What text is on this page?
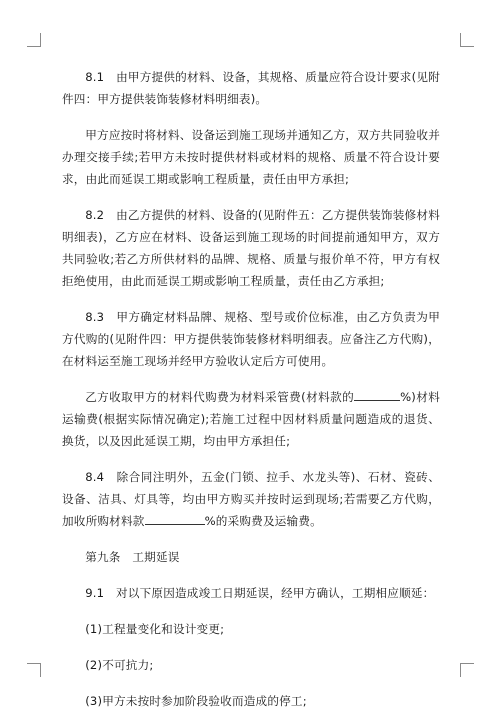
8.1　由甲方提供的材料、设备，其规格、质量应符合设计要求(见附件四：甲方提供装饰装修材料明细表)。

甲方应按时将材料、设备运到施工现场并通知乙方，双方共同验收并办理交接手续;若甲方未按时提供材料或材料的规格、质量不符合设计要求，由此而延误工期或影响工程质量，责任由甲方承担;

8.2　由乙方提供的材料、设备的(见附件五：乙方提供装饰装修材料明细表)，乙方应在材料、设备运到施工现场的时间提前通知甲方，双方共同验收;若乙方所供材料的品牌、规格、质量与报价单不符，甲方有权拒绝使用，由此而延误工期或影响工程质量，责任由乙方承担;

8.3　甲方确定材料品牌、规格、型号或价位标准，由乙方负责为甲方代购的(见附件四：甲方提供装饰装修材料明细表。应备注乙方代购)，在材料运至施工现场并经甲方验收认定后方可使用。

乙方收取甲方的材料代购费为材料采管费(材料款的	%)材料运输费(根据实际情况确定);若施工过程中因材料质量问题造成的退货、换货，以及因此延误工期，均由甲方承担任;

8.4　除合同注明外，五金(门锁、拉手、水龙头等)、石材、瓷砖、设备、洁具、灯具等，均由甲方购买并按时运到现场;若需要乙方代购，加收所购材料款	%的采购费及运输费。

第九条　工期延误

9.1　对以下原因造成竣工日期延误，经甲方确认，工期相应顺延：

(1)工程量变化和设计变更;

(2)不可抗力;

(3)甲方未按时参加阶段验收而造成的停工;
